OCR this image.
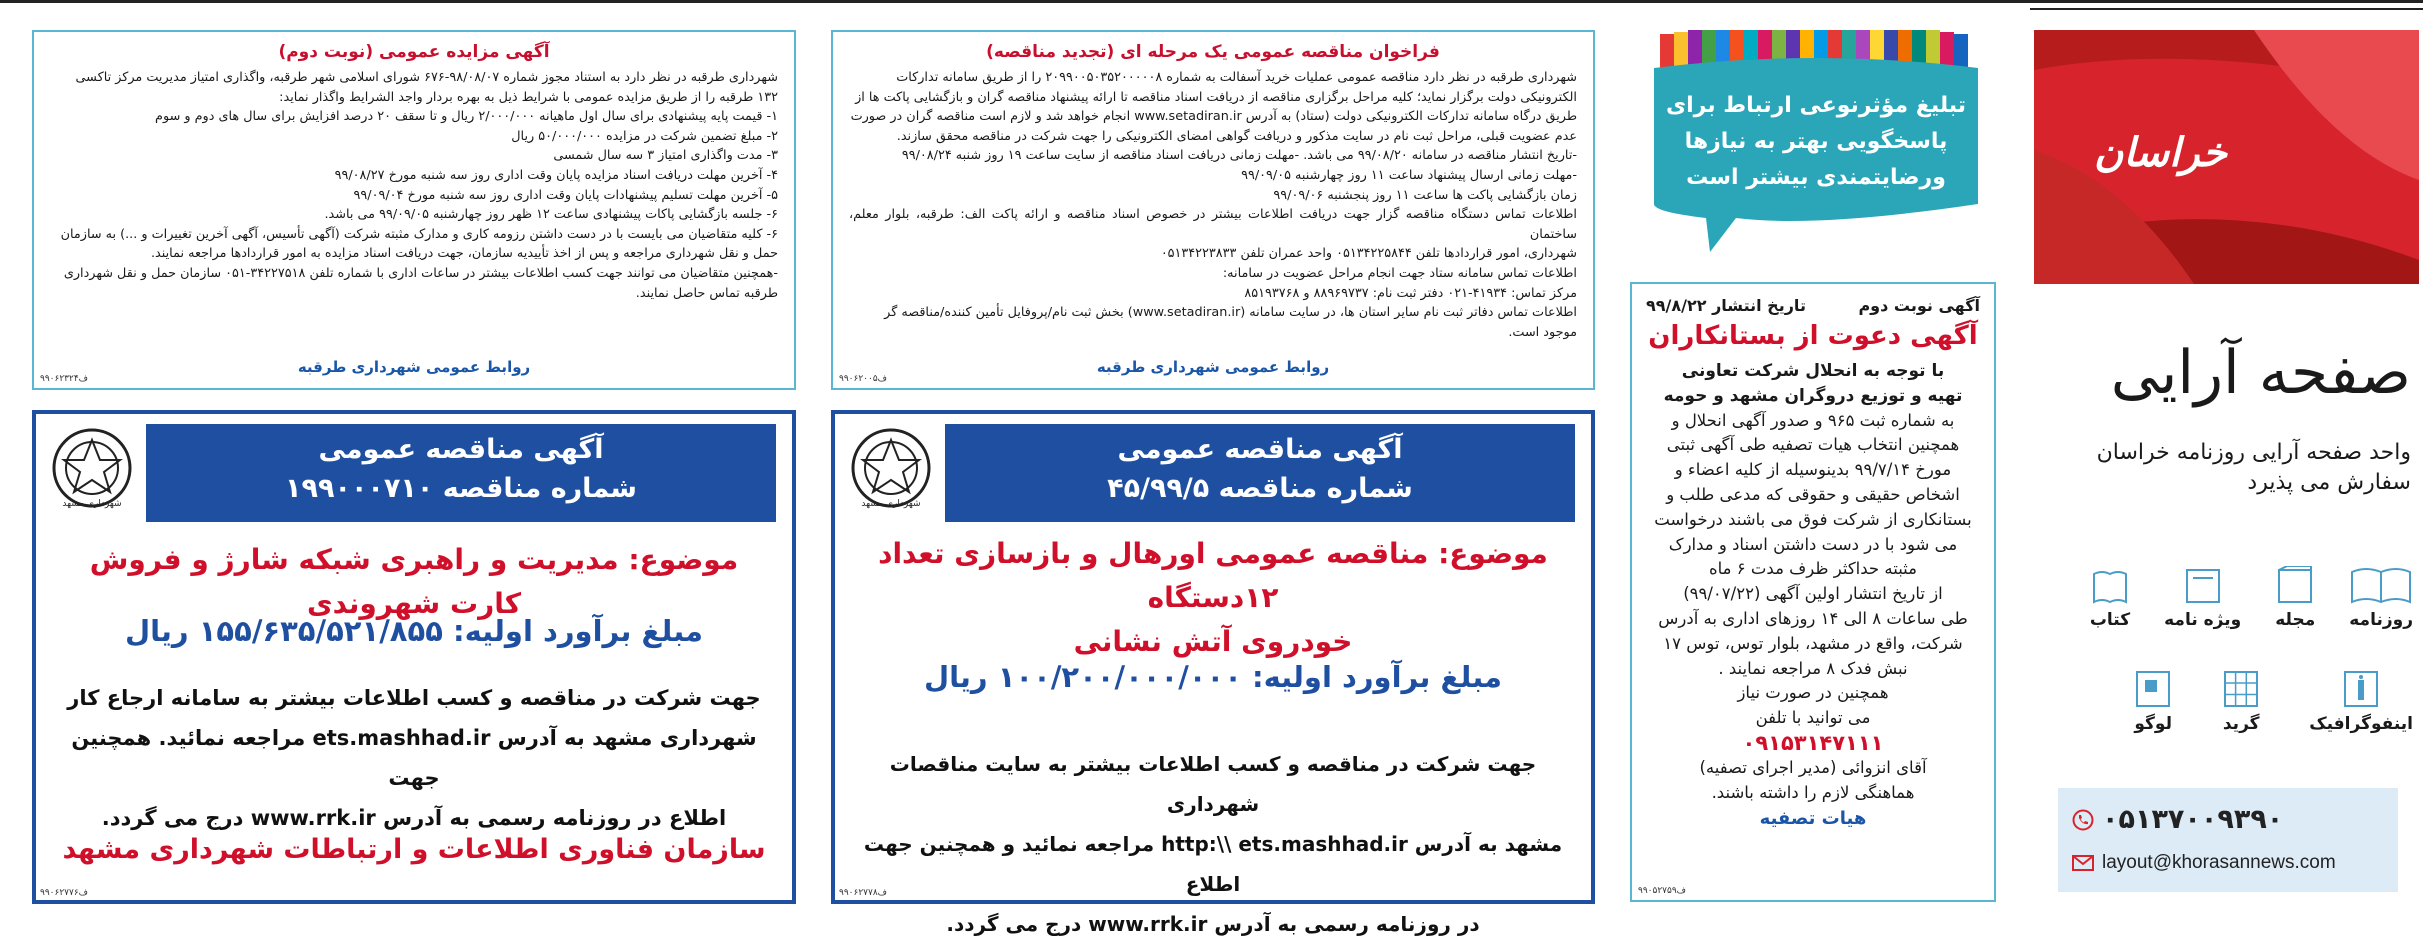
آگهی مزایده عمومی (نوبت دوم)

شهرداری طرقبه در نظر دارد به استناد مجوز شماره ۹۸/۰۸/۰۷-۶۷۶ شورای اسلامی شهر طرقبه، واگذاری امتیاز مدیریت مرکز تاکسی

۱۳۲ طرقبه را از طریق مزایده عمومی با شرایط ذیل به بهره بردار واجد الشرایط واگذار نماید:

۱- قیمت پایه پیشنهادی برای سال اول ماهیانه ۲/۰۰۰/۰۰۰ ریال و تا سقف ۲۰ درصد افزایش برای سال های دوم و سوم

۲- مبلغ تضمین شرکت در مزایده ۵۰/۰۰۰/۰۰۰ ریال

۳- مدت واگذاری امتیاز ۳ سه سال شمسی

۴- آخرین مهلت دریافت اسناد مزایده پایان وقت اداری روز سه شنبه مورخ ۹۹/۰۸/۲۷

۵- آخرین مهلت تسلیم پیشنهادات پایان وقت اداری روز سه شنبه مورخ ۹۹/۰۹/۰۴

۶- جلسه بازگشایی پاکات پیشنهادی ساعت ۱۲ ظهر روز چهارشنبه ۹۹/۰۹/۰۵ می باشد.

۶- کلیه متقاضیان می بایست با در دست داشتن رزومه کاری و مدارک مثبته شرکت (آگهی تأسیس، آگهی آخرین تغییرات و ...) به سازمان

حمل و نقل شهرداری مراجعه و پس از اخذ تأییدیه سازمان، جهت دریافت اسناد مزایده به امور قراردادها مراجعه نمایند.

-همچنین متقاضیان می توانند جهت کسب اطلاعات بیشتر در ساعات اداری با شماره تلفن ۳۴۲۲۷۵۱۸-۰۵۱ سازمان حمل و نقل شهرداری

طرقبه تماس حاصل نمایند.

روابط عمومی شهرداری طرقبه
ف۹۹۰۶۲۳۲۴
فراخوان مناقصه عمومی یک مرحله ای (تجدید مناقصه)

شهرداری طرقبه در نظر دارد مناقصه عمومی عملیات خرید آسفالت به شماره ۲۰۹۹۰۰۵۰۳۵۲۰۰۰۰۰۸ را از طریق سامانه تدارکات

الکترونیکی دولت برگزار نماید؛ کلیه مراحل برگزاری مناقصه از دریافت اسناد مناقصه تا ارائه پیشنهاد مناقصه گران و بازگشایی پاکت ها از

طریق درگاه سامانه تدارکات الکترونیکی دولت (ستاد) به آدرس www.setadiran.ir انجام خواهد شد و لازم است مناقصه گران در صورت

عدم عضویت قبلی، مراحل ثبت نام در سایت مذکور و دریافت گواهی امضای الکترونیکی را جهت شرکت در مناقصه محقق سازند.

-تاریخ انتشار مناقصه در سامانه ۹۹/۰۸/۲۰ می باشد. -مهلت زمانی دریافت اسناد مناقصه از سایت ساعت ۱۹ روز شنبه ۹۹/۰۸/۲۴

-مهلت زمانی ارسال پیشنهاد ساعت ۱۱ روز چهارشنبه ۹۹/۰۹/۰۵

زمان بازگشایی پاکت ها ساعت ۱۱ روز پنجشنبه ۹۹/۰۹/۰۶

اطلاعات تماس دستگاه مناقصه گزار جهت دریافت اطلاعات بیشتر در خصوص اسناد مناقصه و ارائه پاکت الف: طرقبه، بلوار معلم، ساختمان

شهرداری، امور قراردادها تلفن ۰۵۱۳۴۲۲۵۸۴۴ واحد عمران تلفن ۰۵۱۳۴۲۲۳۸۳۳

اطلاعات تماس سامانه ستاد جهت انجام مراحل عضویت در سامانه:

مرکز تماس: ۴۱۹۳۴-۰۲۱ دفتر ثبت نام: ۸۸۹۶۹۷۳۷ و ۸۵۱۹۳۷۶۸

اطلاعات تماس دفاتر ثبت نام سایر استان ها، در سایت سامانه (www.setadiran.ir) بخش ثبت نام/پروفایل تأمین کننده/مناقصه گر

موجود است.

روابط عمومی شهرداری طرقبه
ف۹۹۰۶۲۰۰۵
شهرداری مشهد
آگهی مناقصه عمومی
شماره مناقصه ۱۹۹۰۰۰۷۱۰
موضوع: مدیریت و راهبری شبکه شارژ و فروش کارت شهروندی
مبلغ برآورد اولیه: ۱۵۵/۶۳۵/۵۲۱/۸۵۵ ریال
جهت شرکت در مناقصه و کسب اطلاعات بیشتر به سامانه ارجاع کار
شهرداری مشهد به آدرس ets.mashhad.ir مراجعه نمائید. همچنین جهت
اطلاع در روزنامه رسمی به آدرس www.rrk.ir درج می گردد.
سازمان فناوری اطلاعات و ارتباطات شهرداری مشهد
ف۹۹۰۶۲۷۷۶
شهرداری مشهد
آگهی مناقصه عمومی
شماره مناقصه ۴۵/۹۹/۵
موضوع: مناقصه عمومی اورهال و بازسازی تعداد ۱۲دستگاه
خودروی آتش نشانی
مبلغ برآورد اولیه: ۱۰۰/۲۰۰/۰۰۰/۰۰۰ ریال
جهت شرکت در مناقصه و کسب اطلاعات بیشتر به سایت مناقصات شهرداری
مشهد به آدرس http:\\ ets.mashhad.ir مراجعه نمائید و همچنین جهت اطلاع
در روزنامه رسمی به آدرس www.rrk.ir درج می گردد.
ف۹۹۰۶۲۷۷۸
تبلیغ مؤثرنوعی ارتباط برای
پاسخگویی بهتر به نیازها
ورضایتمندی بیشتر است
آگهی نوبت دوم
تاریخ انتشار ۹۹/۸/۲۲
آگهی دعوت از بستانکاران
با توجه به انحلال شرکت تعاونی
تهیه و توزیع دروگران مشهد و حومه
به شماره ثبت ۹۶۵ و صدور آگهی انحلال و
همچنین انتخاب هیات تصفیه طی آگهی ثبتی
مورخ ۹۹/۷/۱۴ بدینوسیله از کلیه اعضاء و
اشخاص حقیقی و حقوقی که مدعی طلب و
بستانکاری از شرکت فوق می باشند درخواست
می شود با در دست داشتن اسناد و مدارک
مثبته حداکثر ظرف مدت ۶ ماه
از تاریخ انتشار اولین آگهی (۹۹/۰۷/۲۲)
طی ساعات ۸ الی ۱۴ روزهای اداری به آدرس
شرکت، واقع در مشهد، بلوار توس، توس ۱۷
نبش فدک ۸ مراجعه نمایند .
همچنین در صورت نیاز
می توانید با تلفن
۰۹۱۵۳۱۴۷۱۱۱
آقای انزوائی (مدیر اجرای تصفیه)
هماهنگی لازم را داشته باشند.
هیات تصفیه
ف۹۹۰۵۲۷۵۹
خراسان
صفحه آرایی
واحد صفحه آرایی روزنامه خراسان
سفارش می پذیرد
روزنامه
مجله
ویژه نامه
کتاب
اینفوگرافیک
گرید
لوگو
۰۵۱۳۷۰۰۹۳۹۰
layout@khorasannews.com
